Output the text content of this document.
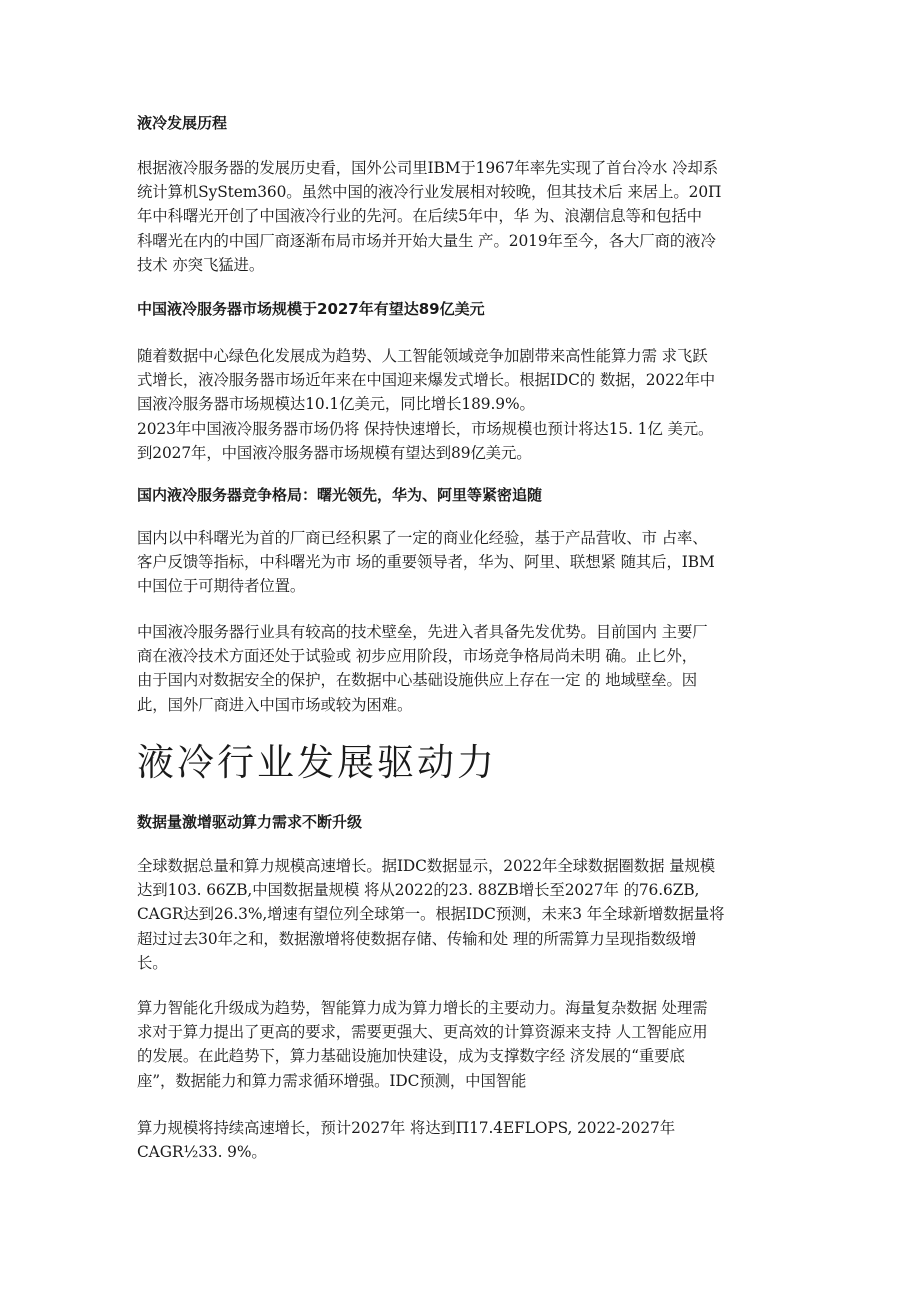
液冷发展历程
根据液冷服务器的发展历史看，国外公司里IBM于1967年率先实现了首台冷水 冷却系
统计算机SyStem360。虽然中国的液冷行业发展相对较晚，但其技术后 来居上。20Π
年中科曙光开创了中国液冷行业的先河。在后续5年中，华 为、浪潮信息等和包括中
科曙光在内的中国厂商逐渐布局市场并开始大量生 产。2019年至今，各大厂商的液冷
技术 亦突飞猛进。
中国液冷服务器市场规模于2027年有望达89亿美元
随着数据中心绿色化发展成为趋势、人工智能领域竞争加剧带来高性能算力需 求飞跃
式增长，液冷服务器市场近年来在中国迎来爆发式增长。根据IDC的 数据，2022年中
国液冷服务器市场规模达10.1亿美元，同比增长189.9%。
2023年中国液冷服务器市场仍将 保持快速增长，市场规模也预计将达15. 1亿 美元。
到2027年，中国液冷服务器市场规模有望达到89亿美元。
国内液冷服务器竞争格局：曙光领先，华为、阿里等紧密追随
国内以中科曙光为首的厂商已经积累了一定的商业化经验，基于产品营收、市 占率、
客户反馈等指标，中科曙光为市 场的重要领导者，华为、阿里、联想紧 随其后，IBM
中国位于可期待者位置。
中国液冷服务器行业具有较高的技术壁垒，先进入者具备先发优势。目前国内 主要厂
商在液冷技术方面还处于试验或 初步应用阶段，市场竞争格局尚未明 确。止匕外，
由于国内对数据安全的保护，在数据中心基础设施供应上存在一定 的 地域壁垒。因
此，国外厂商进入中国市场或较为困难。
液冷行业发展驱动力
数据量激增驱动算力需求不断升级
全球数据总量和算力规模高速增长。据IDC数据显示，2022年全球数据圈数据 量规模
达到103. 66ZB,中国数据量规模 将从2022的23. 88ZB增长至2027年 的76.6ZB,
CAGR达到26.3%,增速有望位列全球第一。根据IDC预测，未来3 年全球新增数据量将
超过过去30年之和，数据激增将使数据存储、传输和处 理的所需算力呈现指数级增
长。
算力智能化升级成为趋势，智能算力成为算力增长的主要动力。海量复杂数据 处理需
求对于算力提出了更高的要求，需要更强大、更高效的计算资源来支持 人工智能应用
的发展。在此趋势下，算力基础设施加快建设，成为支撑数字经 济发展的“重要底
座”，数据能力和算力需求循环增强。IDC预测，中国智能
算力规模将持续高速增长，预计2027年 将达到Π17.4EFLOPS, 2022-2027年
CAGR½33. 9%。
